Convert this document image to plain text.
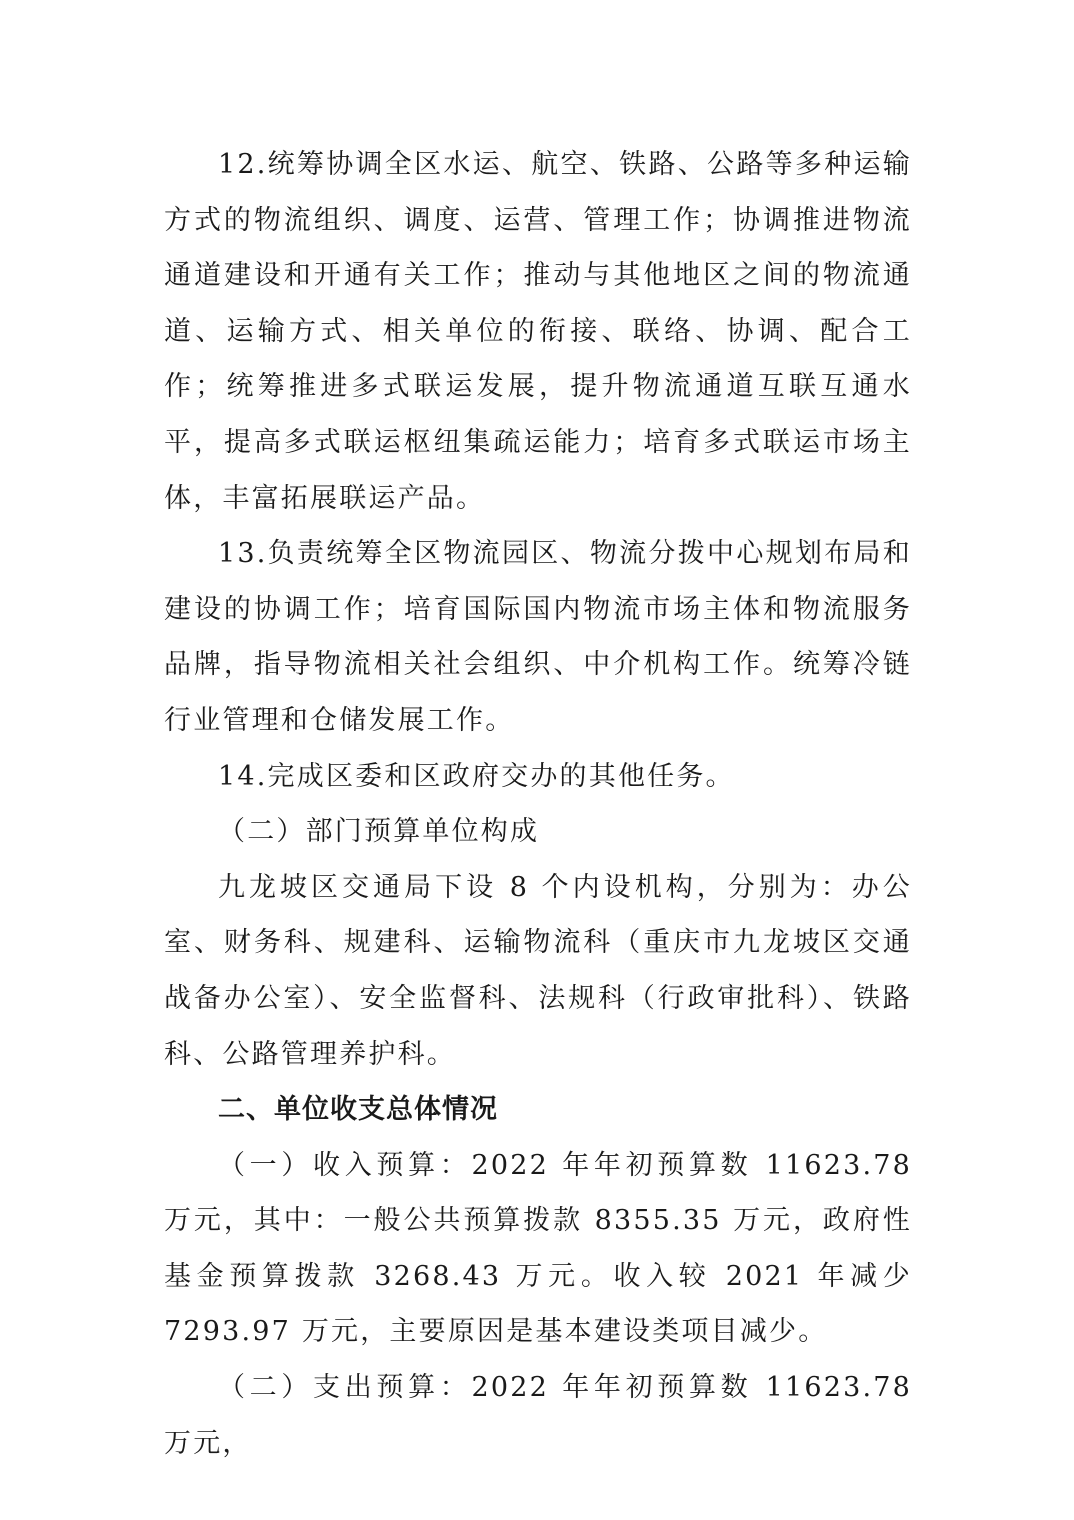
12.统筹协调全区水运、航空、铁路、公路等多种运输方式的物流组织、调度、运营、管理工作；协调推进物流通道建设和开通有关工作；推动与其他地区之间的物流通道、运输方式、相关单位的衔接、联络、协调、配合工作；统筹推进多式联运发展，提升物流通道互联互通水平，提高多式联运枢纽集疏运能力；培育多式联运市场主体，丰富拓展联运产品。

13.负责统筹全区物流园区、物流分拨中心规划布局和建设的协调工作；培育国际国内物流市场主体和物流服务品牌，指导物流相关社会组织、中介机构工作。统筹冷链行业管理和仓储发展工作。

14.完成区委和区政府交办的其他任务。

（二）部门预算单位构成

九龙坡区交通局下设 8 个内设机构，分别为：办公室、财务科、规建科、运输物流科（重庆市九龙坡区交通战备办公室）、安全监督科、法规科（行政审批科）、铁路科、公路管理养护科。

二、单位收支总体情况

（一）收入预算：2022 年年初预算数 11623.78 万元，其中：一般公共预算拨款 8355.35 万元，政府性基金预算拨款 3268.43 万元。收入较 2021 年减少 7293.97 万元，主要原因是基本建设类项目减少。

（二）支出预算：2022 年年初预算数 11623.78 万元，
